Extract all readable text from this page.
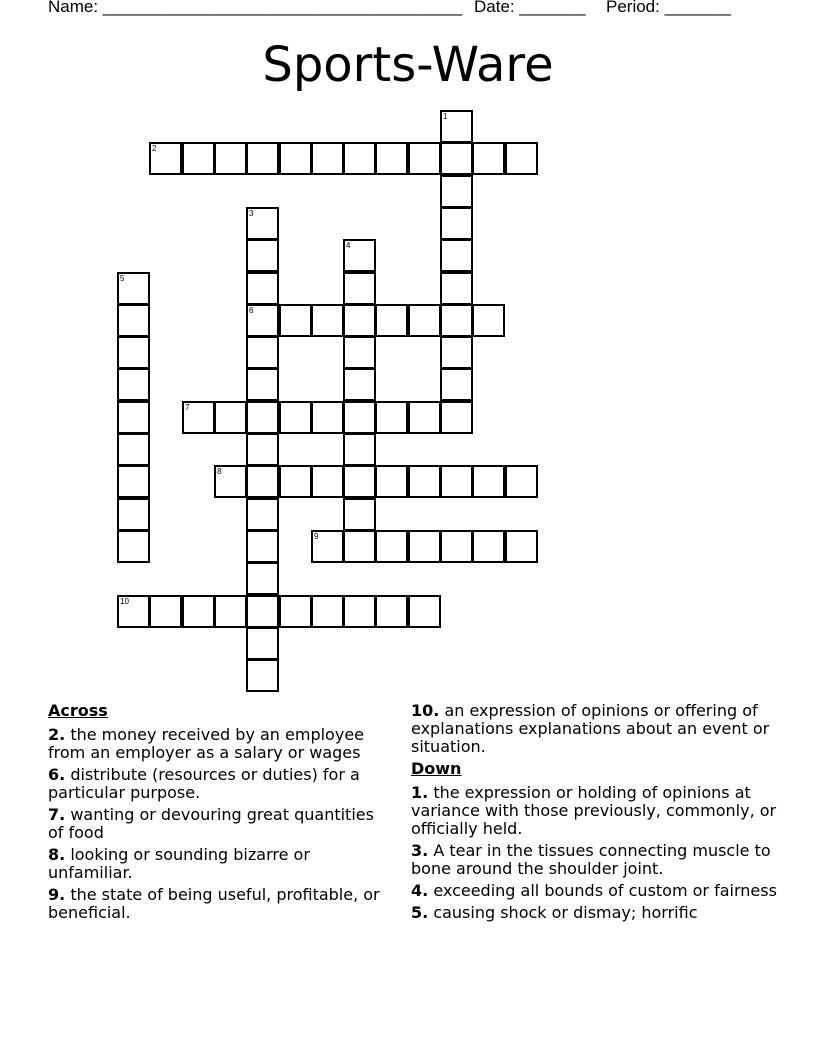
Name: ______________________________________ Date: _______ Period: _______
Sports-Ware
1
2
3
6
4
5
7
8
9
10
Across
2. the money received by an employee from an employer as a salary or wages
6. distribute (resources or duties) for a particular purpose.
7. wanting or devouring great quantities of food
8. looking or sounding bizarre or unfamiliar.
9. the state of being useful, profitable, or beneficial.
10. an expression of opinions or offering of explanations explanations about an event or situation.
Down
1. the expression or holding of opinions at variance with those previously, commonly, or officially held.
3. A tear in the tissues connecting muscle to bone around the shoulder joint.
4. exceeding all bounds of custom or fairness
5. causing shock or dismay; horrific
